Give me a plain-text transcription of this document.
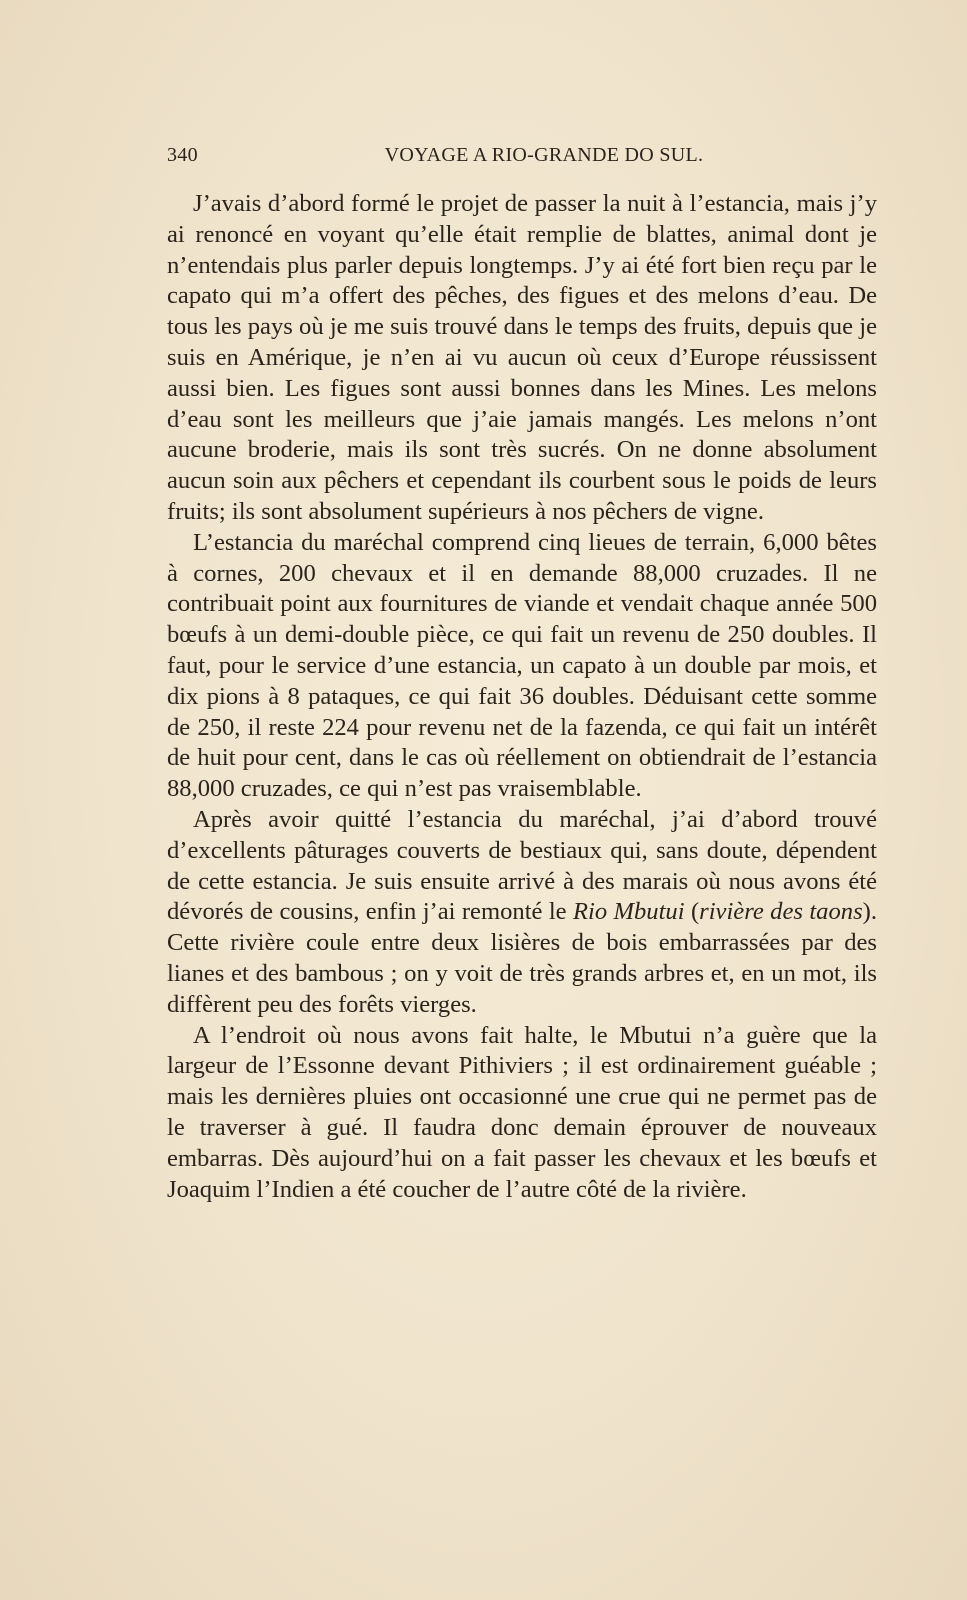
340	VOYAGE A RIO-GRANDE DO SUL.

J’avais d’abord formé le projet de passer la nuit à l’estancia, mais j’y ai renoncé en voyant qu’elle était remplie de blattes, animal dont je n’entendais plus parler depuis longtemps. J’y ai été fort bien reçu par le capato qui m’a offert des pêches, des figues et des melons d’eau. De tous les pays où je me suis trouvé dans le temps des fruits, depuis que je suis en Amérique, je n’en ai vu aucun où ceux d’Europe réussissent aussi bien. Les figues sont aussi bonnes dans les Mines. Les melons d’eau sont les meilleurs que j’aie jamais mangés. Les melons n’ont aucune broderie, mais ils sont très sucrés. On ne donne absolument aucun soin aux pêchers et cependant ils courbent sous le poids de leurs fruits; ils sont absolument supérieurs à nos pêchers de vigne.

L’estancia du maréchal comprend cinq lieues de terrain, 6,000 bêtes à cornes, 200 chevaux et il en demande 88,000 cruzades. Il ne contribuait point aux fournitures de viande et vendait chaque année 500 bœufs à un demi-double pièce, ce qui fait un revenu de 250 doubles. Il faut, pour le service d’une estancia, un capato à un double par mois, et dix pions à 8 pataques, ce qui fait 36 doubles. Déduisant cette somme de 250, il reste 224 pour revenu net de la fazenda, ce qui fait un intérêt de huit pour cent, dans le cas où réellement on obtiendrait de l’estancia 88,000 cruzades, ce qui n’est pas vraisemblable.

Après avoir quitté l’estancia du maréchal, j’ai d’abord trouvé d’excellents pâturages couverts de bestiaux qui, sans doute, dépendent de cette estancia. Je suis ensuite arrivé à des marais où nous avons été dévorés de cousins, enfin j’ai remonté le Rio Mbutui (rivière des taons). Cette rivière coule entre deux lisières de bois embarrassées par des lianes et des bambous ; on y voit de très grands arbres et, en un mot, ils diffèrent peu des forêts vierges.

A l’endroit où nous avons fait halte, le Mbutui n’a guère que la largeur de l’Essonne devant Pithiviers ; il est ordinairement guéable ; mais les dernières pluies ont occasionné une crue qui ne permet pas de le traverser à gué. Il faudra donc demain éprouver de nouveaux embarras. Dès aujourd’hui on a fait passer les chevaux et les bœufs et Joaquim l’Indien a été coucher de l’autre côté de la rivière.
